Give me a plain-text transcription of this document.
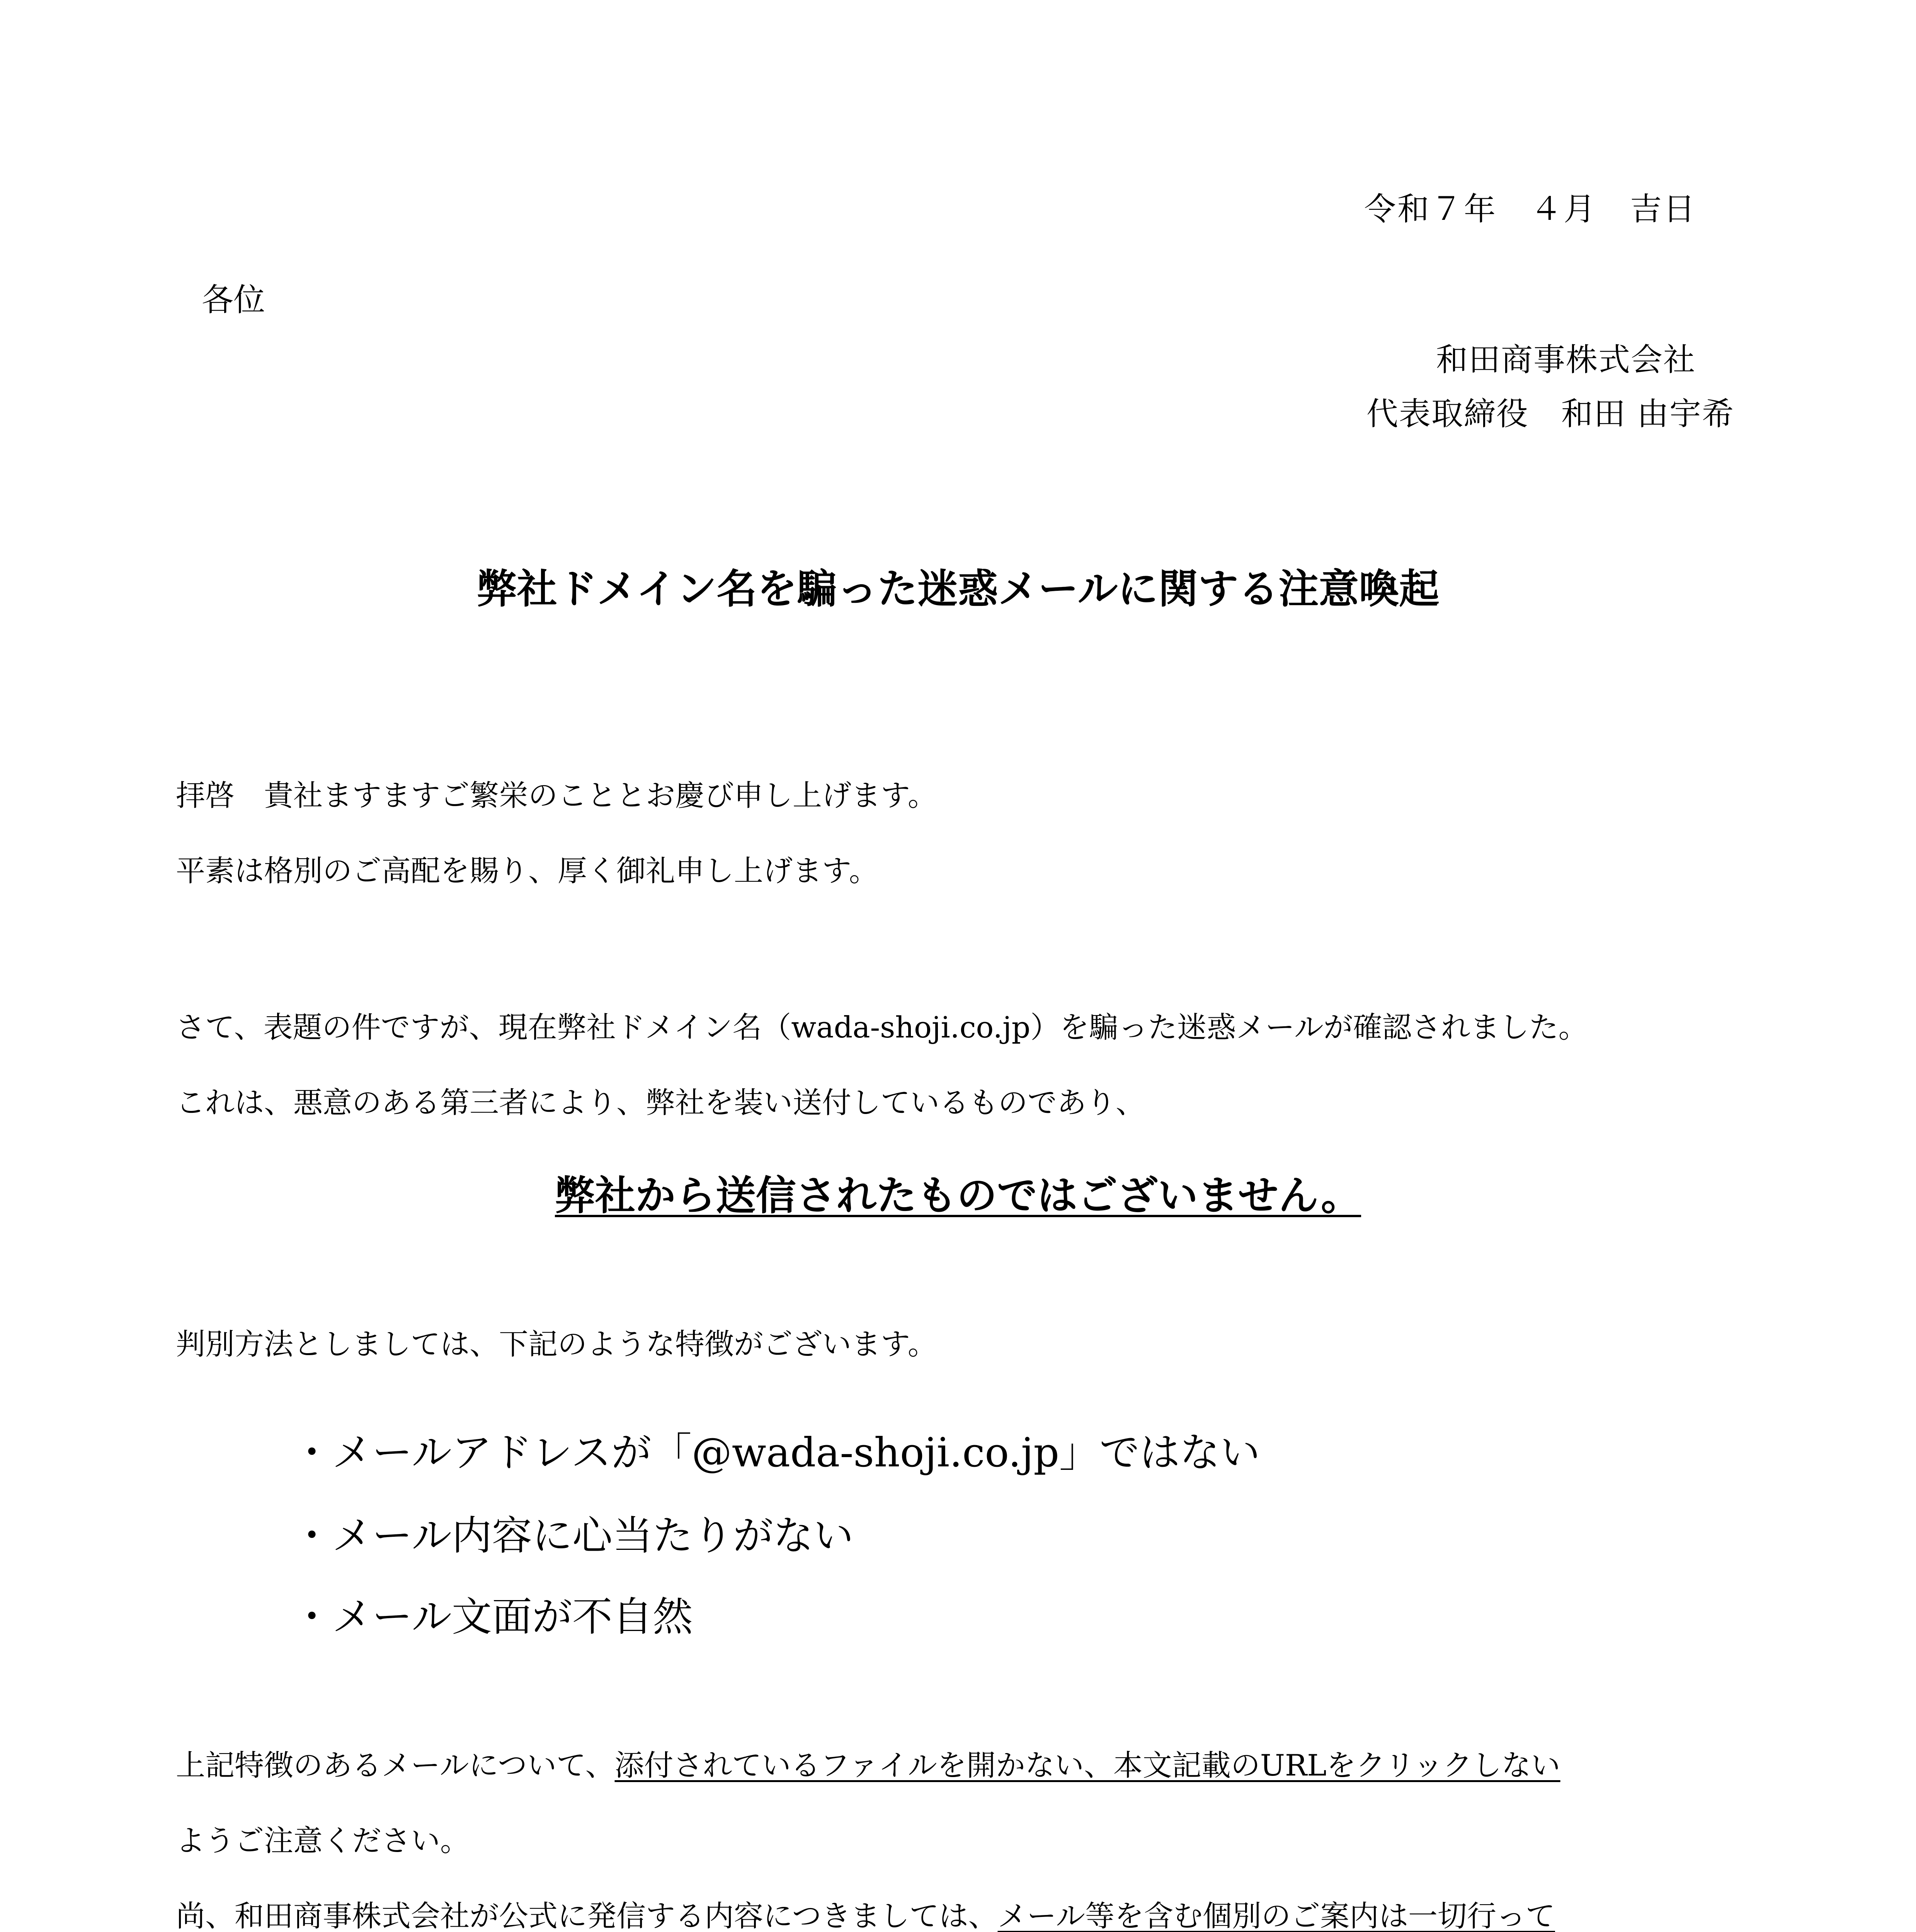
令和７年　４月　吉日

各位

和田商事株式会社

代表取締役　和田 由宇希

弊社ドメイン名を騙った迷惑メールに関する注意喚起

拝啓　貴社ますますご繁栄のこととお慶び申し上げます。

平素は格別のご高配を賜り、厚く御礼申し上げます。

さて、表題の件ですが、現在弊社ドメイン名（wada-shoji.co.jp）を騙った迷惑メールが確認されました。

これは、悪意のある第三者により、弊社を装い送付しているものであり、

弊社から送信されたものではございません。

判別方法としましては、下記のような特徴がございます。

・メールアドレスが「@wada-shoji.co.jp」ではない

・メール内容に心当たりがない

・メール文面が不自然

上記特徴のあるメールについて、添付されているファイルを開かない、本文記載のURLをクリックしない

ようご注意ください。

尚、和田商事株式会社が公式に発信する内容につきましては、メール等を含む個別のご案内は一切行って
